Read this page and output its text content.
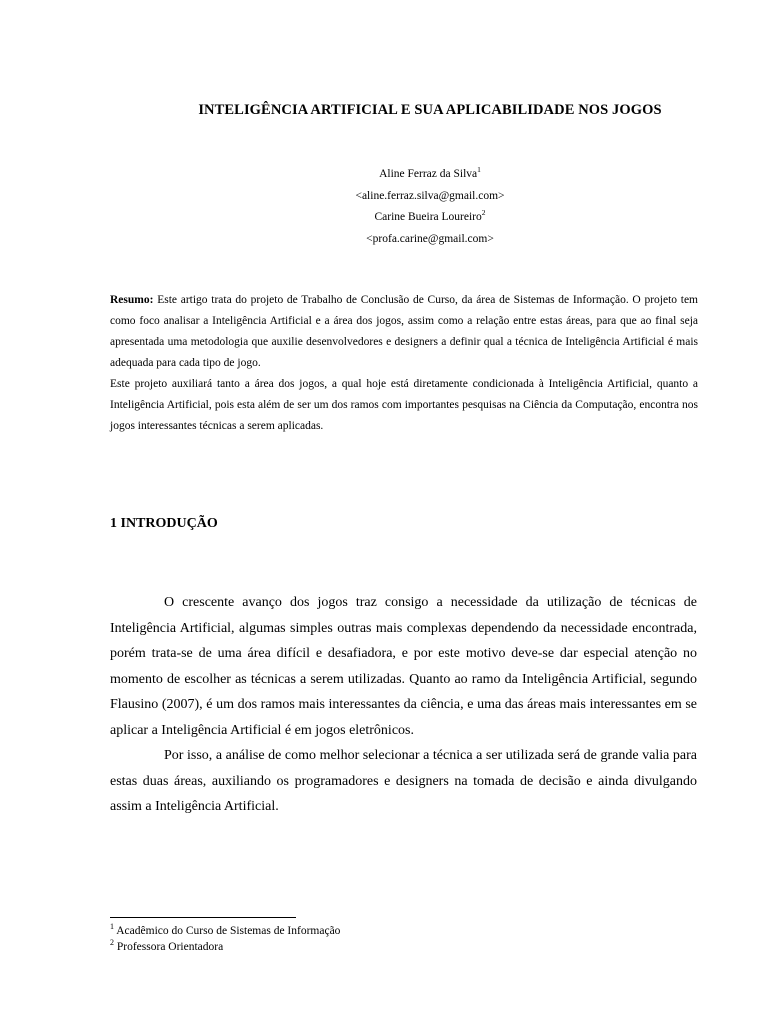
INTELIGÊNCIA ARTIFICIAL E SUA APLICABILIDADE NOS JOGOS
Aline Ferraz da Silva$^1$
<aline.ferraz.silva@gmail.com>
Carine Bueira Loureiro$^2$
<profa.carine@gmail.com>

Resumo: Este artigo trata do projeto de Trabalho de Conclusão de Curso, da área de Sistemas de Informação. O projeto tem como foco analisar a Inteligência Artificial e a área dos jogos, assim como a relação entre estas áreas, para que ao final seja apresentada uma metodologia que auxilie desenvolvedores e designers a definir qual a técnica de Inteligência Artificial é mais adequada para cada tipo de jogo.

Este projeto auxiliará tanto a área dos jogos, a qual hoje está diretamente condicionada à Inteligência Artificial, quanto a Inteligência Artificial, pois esta além de ser um dos ramos com importantes pesquisas na Ciência da Computação, encontra nos jogos interessantes técnicas a serem aplicadas.

1 INTRODUÇÃO

O crescente avanço dos jogos traz consigo a necessidade da utilização de técnicas de Inteligência Artificial, algumas simples outras mais complexas dependendo da necessidade encontrada, porém trata-se de uma área difícil e desafiadora, e por este motivo deve-se dar especial atenção no momento de escolher as técnicas a serem utilizadas. Quanto ao ramo da Inteligência Artificial, segundo Flausino (2007), é um dos ramos mais interessantes da ciência, e uma das áreas mais interessantes em se aplicar a Inteligência Artificial é em jogos eletrônicos.

Por isso, a análise de como melhor selecionar a técnica a ser utilizada será de grande valia para estas duas áreas, auxiliando os programadores e designers na tomada de decisão e ainda divulgando assim a Inteligência Artificial.

$^1$ Acadêmico do Curso de Sistemas de Informação
$^2$ Professora Orientadora
